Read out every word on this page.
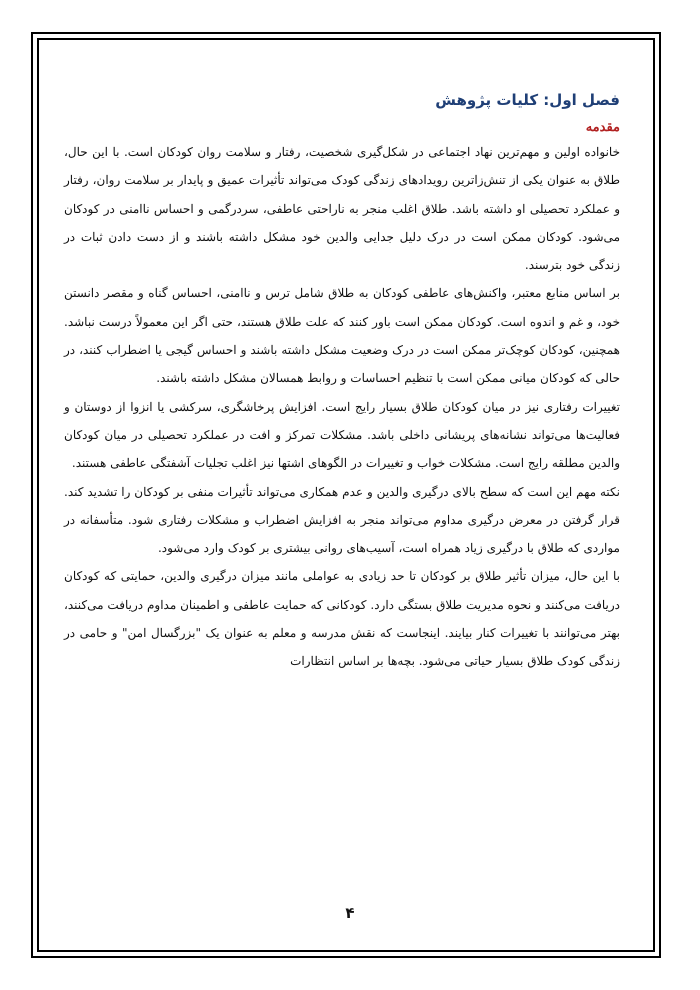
فصل اول: کلیات پژوهش
مقدمه

خانواده اولین و مهم‌ترین نهاد اجتماعی در شکل‌گیری شخصیت، رفتار و سلامت روان کودکان است. با این حال، طلاق به عنوان یکی از تنش‌زاترین رویدادهای زندگی کودک می‌تواند تأثیرات عمیق و پایدار بر سلامت روان، رفتار و عملکرد تحصیلی او داشته باشد. طلاق اغلب منجر به ناراحتی عاطفی، سردرگمی و احساس ناامنی در کودکان می‌شود. کودکان ممکن است در درک دلیل جدایی والدین خود مشکل داشته باشند و از دست دادن ثبات در زندگی خود بترسند.

بر اساس منابع معتبر، واکنش‌های عاطفی کودکان به طلاق شامل ترس و ناامنی، احساس گناه و مقصر دانستن خود، و غم و اندوه است. کودکان ممکن است باور کنند که علت طلاق هستند، حتی اگر این معمولاً درست نباشد. همچنین، کودکان کوچک‌تر ممکن است در درک وضعیت مشکل داشته باشند و احساس گیجی یا اضطراب کنند، در حالی که کودکان میانی ممکن است با تنظیم احساسات و روابط همسالان مشکل داشته باشند.

تغییرات رفتاری نیز در میان کودکان طلاق بسیار رایج است. افزایش پرخاشگری، سرکشی یا انزوا از دوستان و فعالیت‌ها می‌تواند نشانه‌های پریشانی داخلی باشد. مشکلات تمرکز و افت در عملکرد تحصیلی در میان کودکان والدین مطلقه رایج است. مشکلات خواب و تغییرات در الگوهای اشتها نیز اغلب تجلیات آشفتگی عاطفی هستند.

نکته مهم این است که سطح بالای درگیری والدین و عدم همکاری می‌تواند تأثیرات منفی بر کودکان را تشدید کند. قرار گرفتن در معرض درگیری مداوم می‌تواند منجر به افزایش اضطراب و مشکلات رفتاری شود. متأسفانه در مواردی که طلاق با درگیری زیاد همراه است، آسیب‌های روانی بیشتری بر کودک وارد می‌شود.

با این حال، میزان تأثیر طلاق بر کودکان تا حد زیادی به عواملی مانند میزان درگیری والدین، حمایتی که کودکان دریافت می‌کنند و نحوه مدیریت طلاق بستگی دارد. کودکانی که حمایت عاطفی و اطمینان مداوم دریافت می‌کنند، بهتر می‌توانند با تغییرات کنار بیایند. اینجاست که نقش مدرسه و معلم به عنوان یک "بزرگسال امن" و حامی در زندگی کودک طلاق بسیار حیاتی می‌شود. بچه‌ها بر اساس انتظارات

۴
